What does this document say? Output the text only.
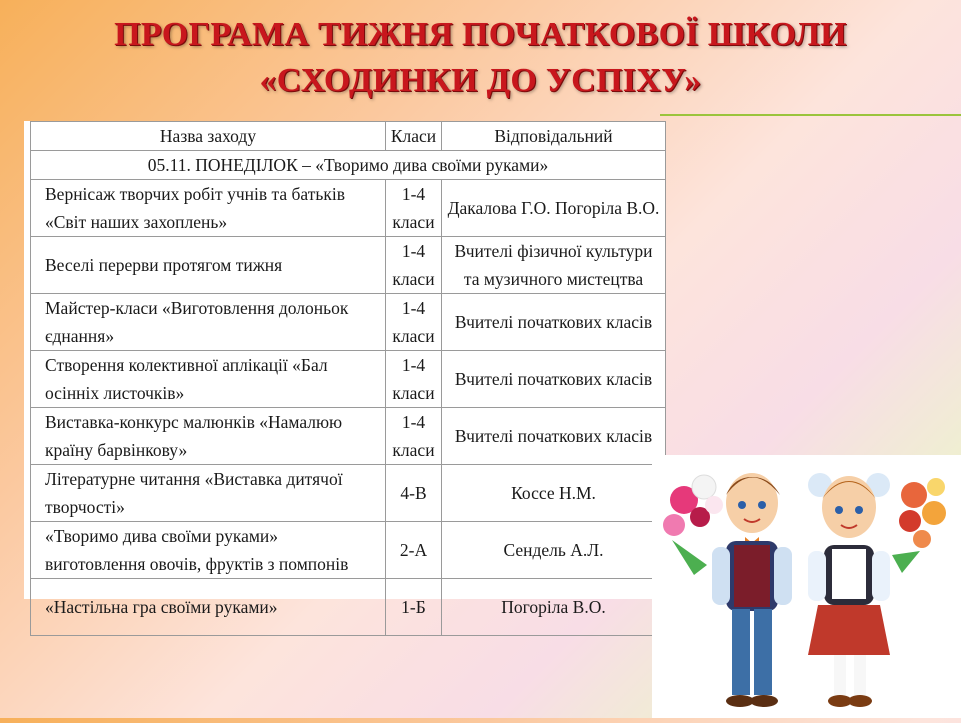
ПРОГРАМА ТИЖНЯ ПОЧАТКОВОЇ ШКОЛИ
«СХОДИНКИ ДО УСПІХУ»
Назва заходу	Класи	Відповідальний
05.11. ПОНЕДІЛОК – «Творимо дива своїми руками»		
Вернісаж творчих робіт учнів та батьків «Світ наших захоплень»	1-4 класи	Дакалова Г.О. Погоріла В.О.
Веселі перерви протягом тижня	1-4 класи	Вчителі фізичної культури та музичного мистецтва
Майстер-класи «Виготовлення долоньок єднання»	1-4 класи	Вчителі початкових класів
Створення колективної аплікації «Бал осінніх листочків»	1-4 класи	Вчителі початкових класів
Виставка-конкурс малюнків «Намалюю країну барвінкову»	1-4 класи	Вчителі початкових класів
Літературне читання «Виставка дитячої творчості»	4-В	Коссе Н.М.
«Творимо дива своїми руками» виготовлення овочів, фруктів з помпонів	2-А	Сендель А.Л.
«Настільна гра своїми руками»	1-Б	Погоріла В.О.
